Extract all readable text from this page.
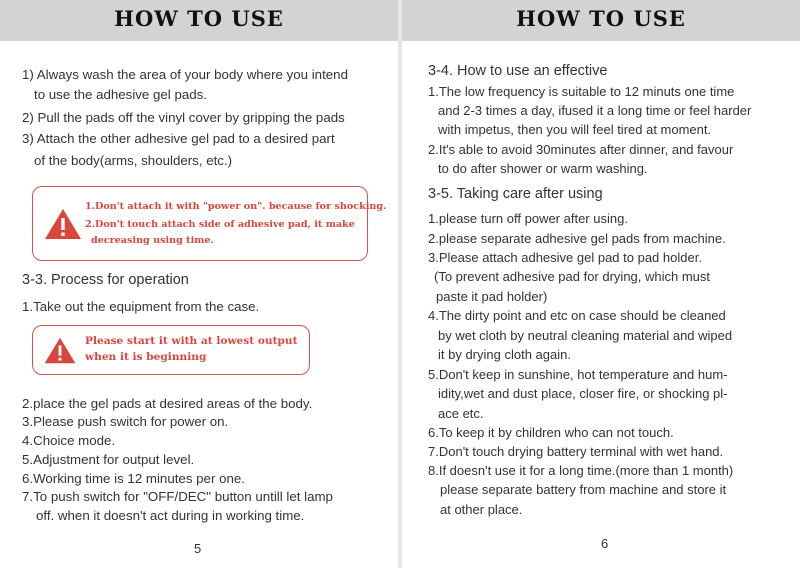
HOW TO USE
1) Always wash the area of your body where you intend
to use the adhesive gel pads.
2) Pull the pads off the vinyl cover by gripping the pads
3) Attach the other adhesive gel pad to a desired part
of the body(arms, shoulders, etc.)
1.Don't attach it with "power on". because for shocking.
2.Don't touch attach side of adhesive pad, it make
decreasing using time.
3-3. Process for operation
1.Take out the equipment from the case.
Please start it with at lowest output
when it is beginning
2.place the gel pads at desired areas of the body.
3.Please push switch for power on.
4.Choice mode.
5.Adjustment for output level.
6.Working time is 12 minutes per one.
7.To push switch for "OFF/DEC" button untill let lamp
off. when it doesn't act during in working time.
5
HOW TO USE
3-4. How to use an effective
1.The low frequency is suitable to 12 minuts one time
and 2-3 times a day, ifused it a long time or feel harder
with impetus, then you will feel tired at moment.
2.It's able to avoid 30minutes after dinner, and favour
to do after shower or warm washing.
3-5. Taking care after using
1.please turn off power after using.
2.please separate adhesive gel pads from machine.
3.Please attach adhesive gel pad to pad holder.
(To prevent adhesive pad for drying, which must
paste it pad holder)
4.The dirty point and etc on case should be cleaned
by wet cloth by neutral cleaning material and wiped
it by drying cloth again.
5.Don't keep in sunshine, hot temperature and hum-
idity,wet and dust place, closer fire, or shocking pl-
ace etc.
6.To keep it by children who can not touch.
7.Don't touch drying battery terminal with wet hand.
8.If doesn't use it for a long time.(more than 1 month)
please separate battery from machine and store it
at other place.
6
